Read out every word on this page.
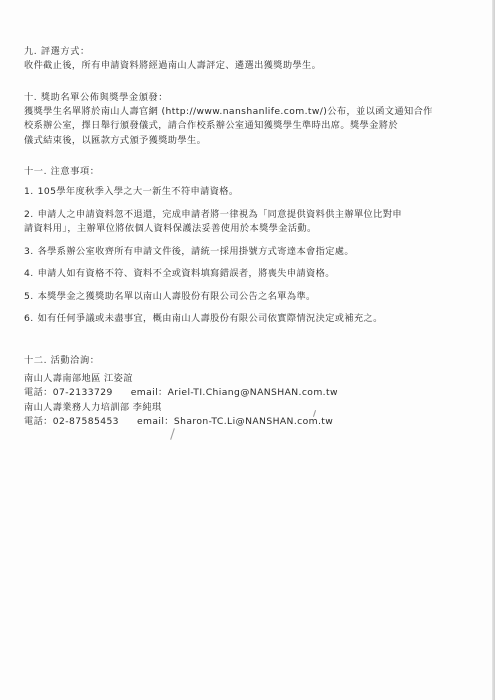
九. 評選方式：
收件截止後，所有申請資料將經過南山人壽評定、遴選出獲獎助學生。
十. 獎助名單公佈與獎學金頒發：
獲獎學生名單將於南山人壽官網 (http://www.nanshanlife.com.tw/)公布，並以函文通知合作
校系辦公室，擇日舉行頒發儀式，請合作校系辦公室通知獲獎學生準時出席。獎學金將於
儀式結束後，以匯款方式頒予獲獎助學生。
十一. 注意事項：
1. 105學年度秋季入學之大一新生不符申請資格。
2. 申請人之申請資料忽不退還，完成申請者將一律視為「同意提供資料供主辦單位比對申
請資料用」，主辦單位將依個人資料保護法妥善使用於本獎學金活動。
3. 各學系辦公室收齊所有申請文件後，請統一採用掛號方式寄達本會指定處。
4. 申請人如有資格不符、資料不全或資料填寫錯誤者，將喪失申請資格。
5. 本獎學金之獲獎助名單以南山人壽股份有限公司公告之名單為準。
6. 如有任何爭議或未盡事宜，概由南山人壽股份有限公司依實際情況決定或補充之。
十二. 活動洽詢：
南山人壽南部地區 江姿誼
電話：07-2133729 email：Ariel-TI.Chiang@NANSHAN.com.tw
南山人壽業務人力培訓部 李純琪
電話：02-87585453 email：Sharon-TC.Li@NANSHAN.com.tw
